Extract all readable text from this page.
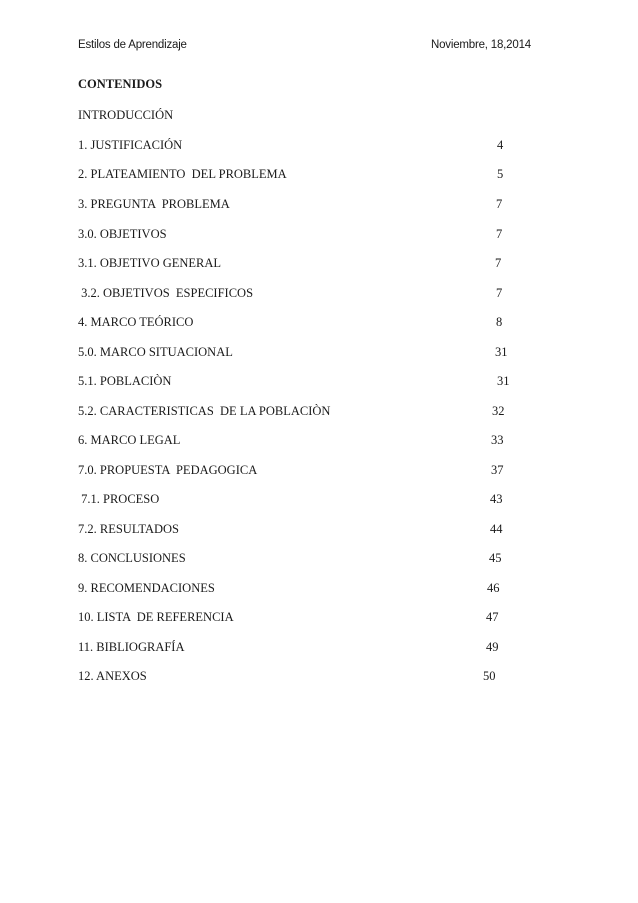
Estilos de Aprendizaje	Noviembre, 18,2014
CONTENIDOS
INTRODUCCIÓN
1. JUSTIFICACIÓN	4
2. PLATEAMIENTO  DEL PROBLEMA	5
3. PREGUNTA  PROBLEMA	7
3.0. OBJETIVOS	7
3.1. OBJETIVO GENERAL	7
3.2. OBJETIVOS  ESPECIFICOS	7
4. MARCO TEÓRICO	8
5.0. MARCO SITUACIONAL	31
5.1. POBLACIÒN	31
5.2. CARACTERISTICAS  DE LA POBLACIÒN	32
6. MARCO LEGAL	33
7.0. PROPUESTA  PEDAGOGICA	37
7.1. PROCESO	43
7.2. RESULTADOS	44
8. CONCLUSIONES	45
9. RECOMENDACIONES	46
10. LISTA  DE REFERENCIA	47
11. BIBLIOGRAFÍA	49
12. ANEXOS	50
